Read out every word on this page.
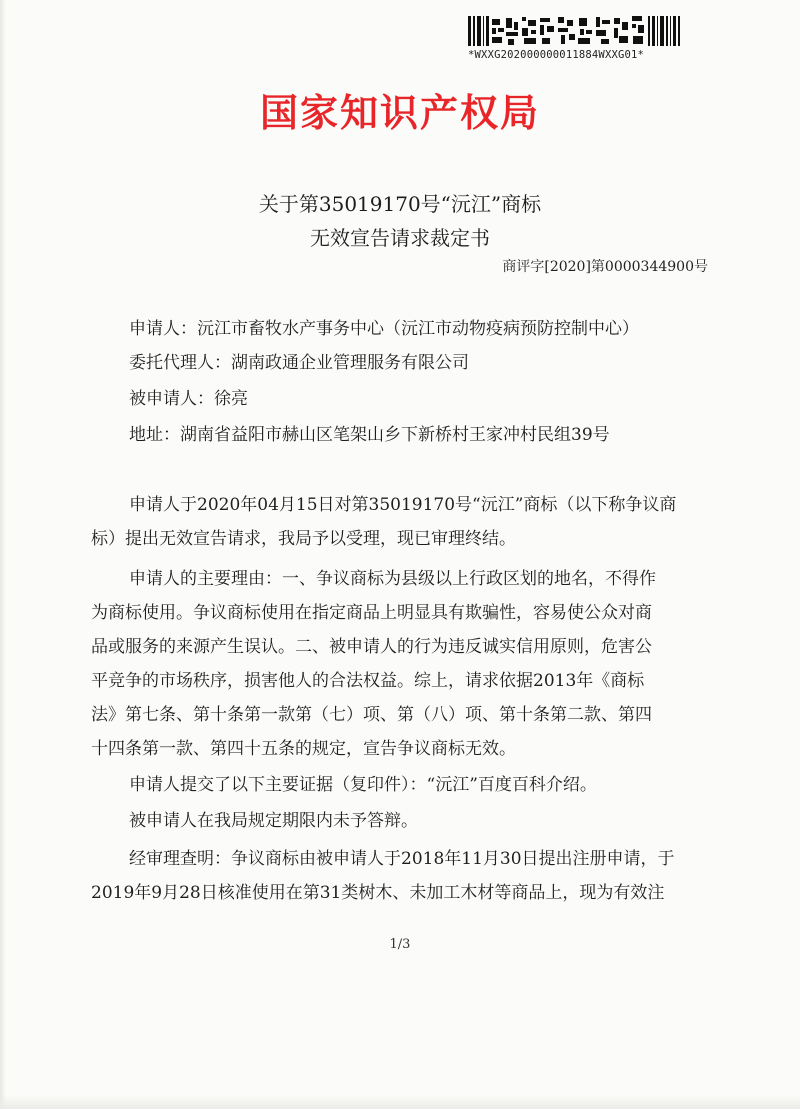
*WXXG202000000011884WXXG01*
国家知识产权局
关于第35019170号“沅江”商标
无效宣告请求裁定书
商评字[2020]第0000344900号
申请人：沅江市畜牧水产事务中心（沅江市动物疫病预防控制中心）
委托代理人：湖南政通企业管理服务有限公司
被申请人：徐亮
地址：湖南省益阳市赫山区笔架山乡下新桥村王家冲村民组39号
申请人于2020年04月15日对第35019170号“沅江”商标（以下称争议商
标）提出无效宣告请求，我局予以受理，现已审理终结。
申请人的主要理由：一、争议商标为县级以上行政区划的地名，不得作
为商标使用。争议商标使用在指定商品上明显具有欺骗性，容易使公众对商
品或服务的来源产生误认。二、被申请人的行为违反诚实信用原则，危害公
平竞争的市场秩序，损害他人的合法权益。综上，请求依据2013年《商标
法》第七条、第十条第一款第（七）项、第（八）项、第十条第二款、第四
十四条第一款、第四十五条的规定，宣告争议商标无效。
申请人提交了以下主要证据（复印件）：“沅江”百度百科介绍。
被申请人在我局规定期限内未予答辩。
经审理查明：争议商标由被申请人于2018年11月30日提出注册申请，于
2019年9月28日核准使用在第31类树木、未加工木材等商品上，现为有效注
1/3
